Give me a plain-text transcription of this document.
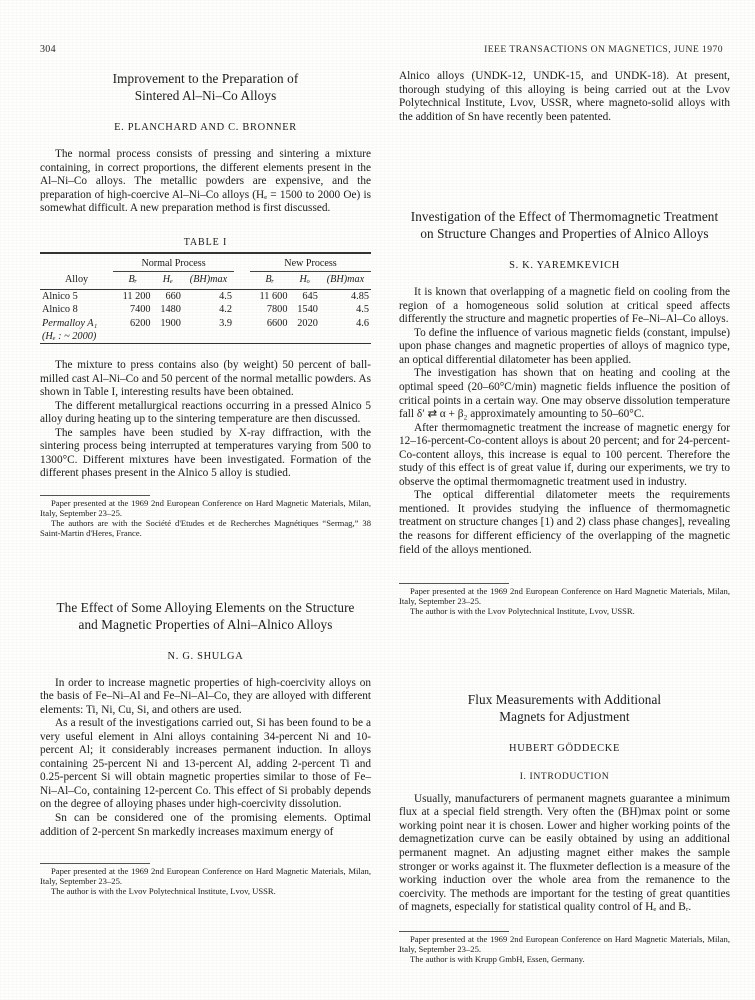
304	IEEE TRANSACTIONS ON MAGNETICS, JUNE 1970
Improvement to the Preparation of
Sintered Al–Ni–Co Alloys
E. PLANCHARD AND C. BRONNER

The normal process consists of pressing and sintering a mixture containing, in correct proportions, the different elements present in the Al–Ni–Co alloys. The metallic powders are expensive, and the preparation of high-coercive Al–Ni–Co alloys (Hₑ = 1500 to 2000 Oe) is somewhat difficult. A new preparation method is first discussed.

TABLE I

	Normal Process				New Process		
Alloy	Bᵣ	Hₑ	(BH)max		Bᵣ	Hₒ	(BH)max

Alnico 5	11 200	660	4.5		11 600	645	4.85
Alnico 8	7400	1480	4.2		7800	1540	4.5
Permalloy A₁	6200	1900	3.9		6600	2020	4.6
(Hₑ : ~ 2000)							

The mixture to press contains also (by weight) 50 percent of ball-milled cast Al–Ni–Co and 50 percent of the normal metallic powders. As shown in Table I, interesting results have been obtained.

The different metallurgical reactions occurring in a pressed Alnico 5 alloy during heating up to the sintering temperature are then discussed.

The samples have been studied by X-ray diffraction, with the sintering process being interrupted at temperatures varying from 500 to 1300°C. Different mixtures have been investigated. Formation of the different phases present in the Alnico 5 alloy is studied.

Paper presented at the 1969 2nd European Conference on Hard Magnetic Materials, Milan, Italy, September 23–25.

The authors are with the Société d'Etudes et de Recherches Magnétiques “Sermag,” 38 Saint-Martin d'Heres, France.

The Effect of Some Alloying Elements on the Structure
and Magnetic Properties of Alni–Alnico Alloys
N. G. SHULGA

In order to increase magnetic properties of high-coercivity alloys on the basis of Fe–Ni–Al and Fe–Ni–Al–Co, they are alloyed with different elements: Ti, Ni, Cu, Si, and others are used.

As a result of the investigations carried out, Si has been found to be a very useful element in Alni alloys containing 34-percent Ni and 10-percent Al; it considerably increases permanent induction. In alloys containing 25-percent Ni and 13-percent Al, adding 2-percent Ti and 0.25-percent Si will obtain magnetic properties similar to those of Fe–Ni–Al–Co, containing 12-percent Co. This effect of Si probably depends on the degree of alloying phases under high-coercivity dissolution.

Sn can be considered one of the promising elements. Optimal addition of 2-percent Sn markedly increases maximum energy of

Paper presented at the 1969 2nd European Conference on Hard Magnetic Materials, Milan, Italy, September 23–25.

The author is with the Lvov Polytechnical Institute, Lvov, USSR.

Alnico alloys (UNDK-12, UNDK-15, and UNDK-18). At present, thorough studying of this alloying is being carried out at the Lvov Polytechnical Institute, Lvov, USSR, where magneto-solid alloys with the addition of Sn have recently been patented.

Investigation of the Effect of Thermomagnetic Treatment
on Structure Changes and Properties of Alnico Alloys
S. K. YAREMKEVICH

It is known that overlapping of a magnetic field on cooling from the region of a homogeneous solid solution at critical speed affects differently the structure and magnetic properties of Fe–Ni–Al–Co alloys.

To define the influence of various magnetic fields (constant, impulse) upon phase changes and magnetic properties of alloys of magnico type, an optical differential dilatometer has been applied.

The investigation has shown that on heating and cooling at the optimal speed (20–60°C/min) magnetic fields influence the position of critical points in a certain way. One may observe dissolution temperature fall δ′ ⇄ α + β₂ approximately amounting to 50–60°C.

After thermomagnetic treatment the increase of magnetic energy for 12–16-percent-Co-content alloys is about 20 percent; and for 24-percent-Co-content alloys, this increase is equal to 100 percent. Therefore the study of this effect is of great value if, during our experiments, we try to observe the optimal thermomagnetic treatment used in industry.

The optical differential dilatometer meets the requirements mentioned. It provides studying the influence of thermomagnetic treatment on structure changes [1) and 2) class phase changes], revealing the reasons for different efficiency of the overlapping of the magnetic field of the alloys mentioned.

Paper presented at the 1969 2nd European Conference on Hard Magnetic Materials, Milan, Italy, September 23–25.

The author is with the Lvov Polytechnical Institute, Lvov, USSR.

Flux Measurements with Additional
Magnets for Adjustment
HUBERT GÖDDECKE
I. INTRODUCTION

Usually, manufacturers of permanent magnets guarantee a minimum flux at a special field strength. Very often the (BH)max point or some working point near it is chosen. Lower and higher working points of the demagnetization curve can be easily obtained by using an additional permanent magnet. An adjusting magnet either makes the sample stronger or works against it. The fluxmeter deflection is a measure of the working induction over the whole area from the remanence to the coercivity. The methods are important for the testing of great quantities of magnets, especially for statistical quality control of Hₑ and Bᵣ.

Paper presented at the 1969 2nd European Conference on Hard Magnetic Materials, Milan, Italy, September 23–25.

The author is with Krupp GmbH, Essen, Germany.
